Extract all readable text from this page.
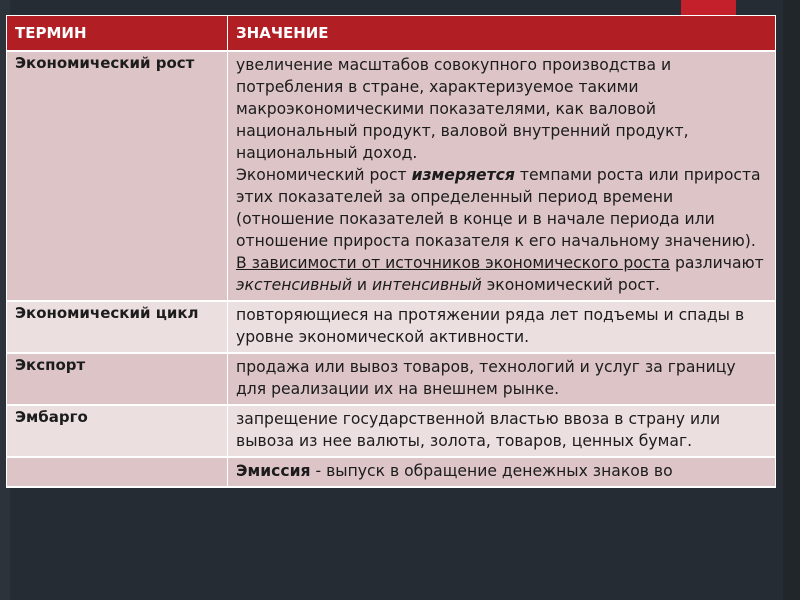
ТЕРМИН	ЗНАЧЕНИЕ
Экономический рост	увеличение масштабов совокупного производства и потребления в стране, характеризуемое такими макроэкономическими показателями, как валовой национальный продукт, валовой внутренний продукт, национальный доход.
Экономический рост измеряется темпами роста или прироста этих показателей за определенный период времени (отношение показателей в конце и в начале периода или отношение прироста показателя к его начальному значению).
В зависимости от источников экономического роста различают экстенсивный и интенсивный экономический рост.
Экономический цикл	повторяющиеся на протяжении ряда лет подъемы и спады в уровне экономической активности.
Экспорт	продажа или вывоз товаров, технологий и услуг за границу для реализации их на внешнем рынке.
Эмбарго	запрещение государственной властью ввоза в страну или вывоза из нее валюты, золота, товаров, ценных бумаг.
	Эмиссия - выпуск в обращение денежных знаков во
